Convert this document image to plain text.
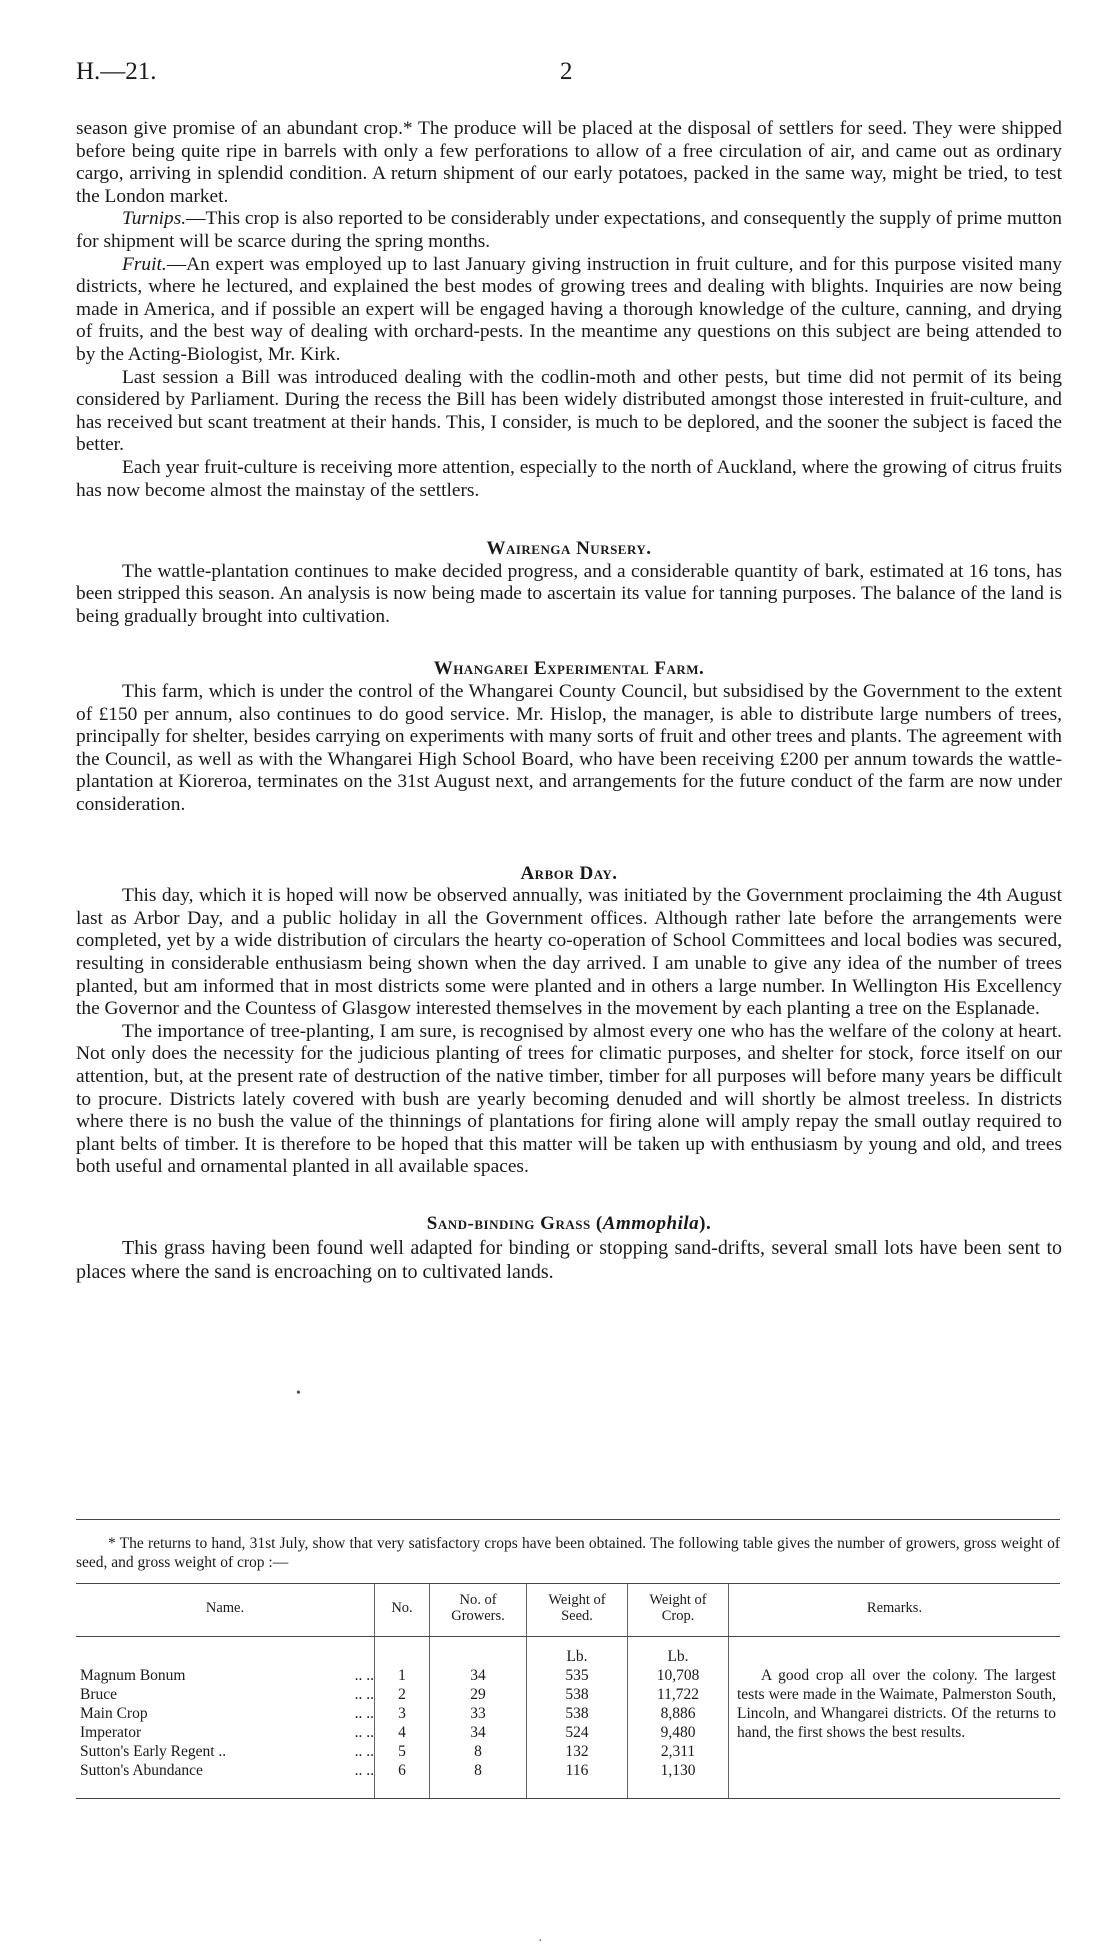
H.—21.	2

season give promise of an abundant crop.* The produce will be placed at the disposal of settlers for seed. They were shipped before being quite ripe in barrels with only a few perforations to allow of a free circulation of air, and came out as ordinary cargo, arriving in splendid condition. A return shipment of our early potatoes, packed in the same way, might be tried, to test the London market.

Turnips.—This crop is also reported to be considerably under expectations, and consequently the supply of prime mutton for shipment will be scarce during the spring months.

Fruit.—An expert was employed up to last January giving instruction in fruit culture, and for this purpose visited many districts, where he lectured, and explained the best modes of growing trees and dealing with blights. Inquiries are now being made in America, and if possible an expert will be engaged having a thorough knowledge of the culture, canning, and drying of fruits, and the best way of dealing with orchard-pests. In the meantime any questions on this subject are being attended to by the Acting-Biologist, Mr. Kirk.

Last session a Bill was introduced dealing with the codlin-moth and other pests, but time did not permit of its being considered by Parliament. During the recess the Bill has been widely distributed amongst those interested in fruit-culture, and has received but scant treatment at their hands. This, I consider, is much to be deplored, and the sooner the subject is faced the better.

Each year fruit-culture is receiving more attention, especially to the north of Auckland, where the growing of citrus fruits has now become almost the mainstay of the settlers.

Wairenga Nursery.

The wattle-plantation continues to make decided progress, and a considerable quantity of bark, estimated at 16 tons, has been stripped this season. An analysis is now being made to ascertain its value for tanning purposes. The balance of the land is being gradually brought into cultivation.

Whangarei Experimental Farm.

This farm, which is under the control of the Whangarei County Council, but subsidised by the Government to the extent of £150 per annum, also continues to do good service. Mr. Hislop, the manager, is able to distribute large numbers of trees, principally for shelter, besides carrying on experiments with many sorts of fruit and other trees and plants. The agreement with the Council, as well as with the Whangarei High School Board, who have been receiving £200 per annum towards the wattle-plantation at Kioreroa, terminates on the 31st August next, and arrangements for the future conduct of the farm are now under consideration.

Arbor Day.

This day, which it is hoped will now be observed annually, was initiated by the Government proclaiming the 4th August last as Arbor Day, and a public holiday in all the Government offices. Although rather late before the arrangements were completed, yet by a wide distribution of circulars the hearty co-operation of School Committees and local bodies was secured, resulting in considerable enthusiasm being shown when the day arrived. I am unable to give any idea of the number of trees planted, but am informed that in most districts some were planted and in others a large number. In Wellington His Excellency the Governor and the Countess of Glasgow interested themselves in the movement by each planting a tree on the Esplanade.

The importance of tree-planting, I am sure, is recognised by almost every one who has the welfare of the colony at heart. Not only does the necessity for the judicious planting of trees for climatic purposes, and shelter for stock, force itself on our attention, but, at the present rate of destruction of the native timber, timber for all purposes will before many years be difficult to procure. Districts lately covered with bush are yearly becoming denuded and will shortly be almost treeless. In districts where there is no bush the value of the thinnings of plantations for firing alone will amply repay the small outlay required to plant belts of timber. It is therefore to be hoped that this matter will be taken up with enthusiasm by young and old, and trees both useful and ornamental planted in all available spaces.

Sand-binding Grass (Ammophila).

This grass having been found well adapted for binding or stopping sand-drifts, several small lots have been sent to places where the sand is encroaching on to cultivated lands.

* The returns to hand, 31st July, show that very satisfactory crops have been obtained. The following table gives the number of growers, gross weight of seed, and gross weight of crop :—
Name.	No.	No. of Growers.	Weight of Seed.	Weight of Crop.	Remarks.
			Lb.	Lb.	A good crop all over the colony. The largest tests were made in the Waimate, Palmerston South, Lincoln, and Whangarei districts. Of the returns to hand, the first shows the best results.

Magnum Bonum .. ..	1	34	535	10,708	
Bruce .. ..	2	29	538	11,722	
Main Crop .. ..	3	33	538	8,886	
Imperator .. ..	4	34	524	9,480	
Sutton's Early Regent .. .. ..	5	8	132	2,311	
Sutton's Abundance .. ..	6	8	116	1,130	
•
·
